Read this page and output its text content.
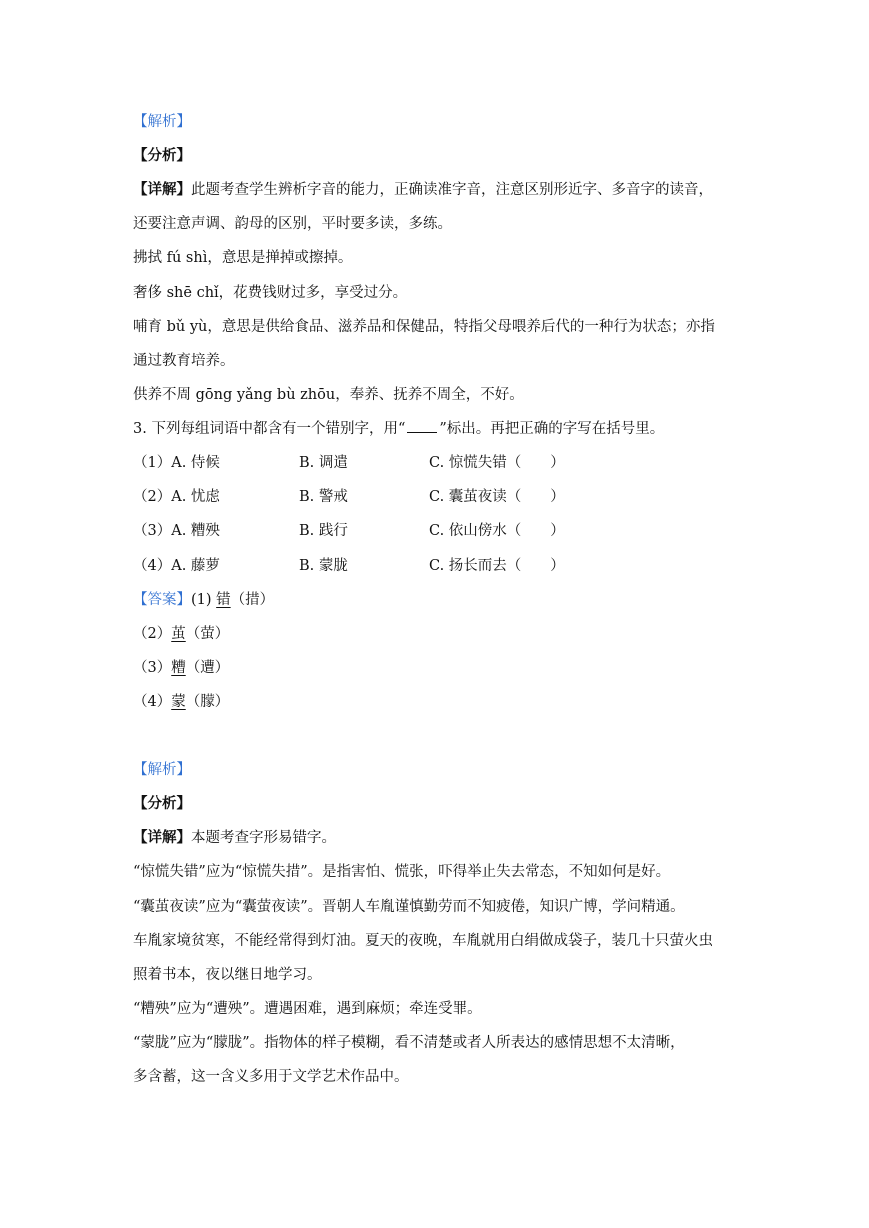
【解析】
【分析】
【详解】此题考查学生辨析字音的能力，正确读准字音，注意区别形近字、多音字的读音，
还要注意声调、韵母的区别，平时要多读，多练。
拂拭 fú shì，意思是掸掉或擦掉。
奢侈 shē chǐ，花费钱财过多，享受过分。
哺育 bǔ yù，意思是供给食品、滋养品和保健品，特指父母喂养后代的一种行为状态；亦指
通过教育培养。
供养不周 gōng yǎng bù zhōu，奉养、抚养不周全，不好。
3. 下列每组词语中都含有一个错别字，用“ ”标出。再把正确的字写在括号里。
（1）A. 侍候	B. 调遣	C. 惊慌失错（　　）
（2）A. 忧虑	B. 警戒	C. 囊茧夜读（　　）
（3）A. 糟殃	B. 践行	C. 依山傍水（　　）
（4）A. 藤萝	B. 蒙胧	C. 扬长而去（　　）
【答案】(1) 错（措）
（2）茧（萤）
（3）糟（遭）
（4）蒙（朦）
【解析】
【分析】
【详解】本题考查字形易错字。
“惊慌失错”应为“惊慌失措”。是指害怕、慌张，吓得举止失去常态，不知如何是好。
“囊茧夜读”应为“囊萤夜读”。晋朝人车胤谨慎勤劳而不知疲倦，知识广博，学问精通。
车胤家境贫寒，不能经常得到灯油。夏天的夜晚，车胤就用白绢做成袋子，装几十只萤火虫
照着书本，夜以继日地学习。
“糟殃”应为“遭殃”。遭遇困难，遇到麻烦；牵连受罪。
“蒙胧”应为“朦胧”。指物体的样子模糊，看不清楚或者人所表达的感情思想不太清晰，
多含蓄，这一含义多用于文学艺术作品中。
